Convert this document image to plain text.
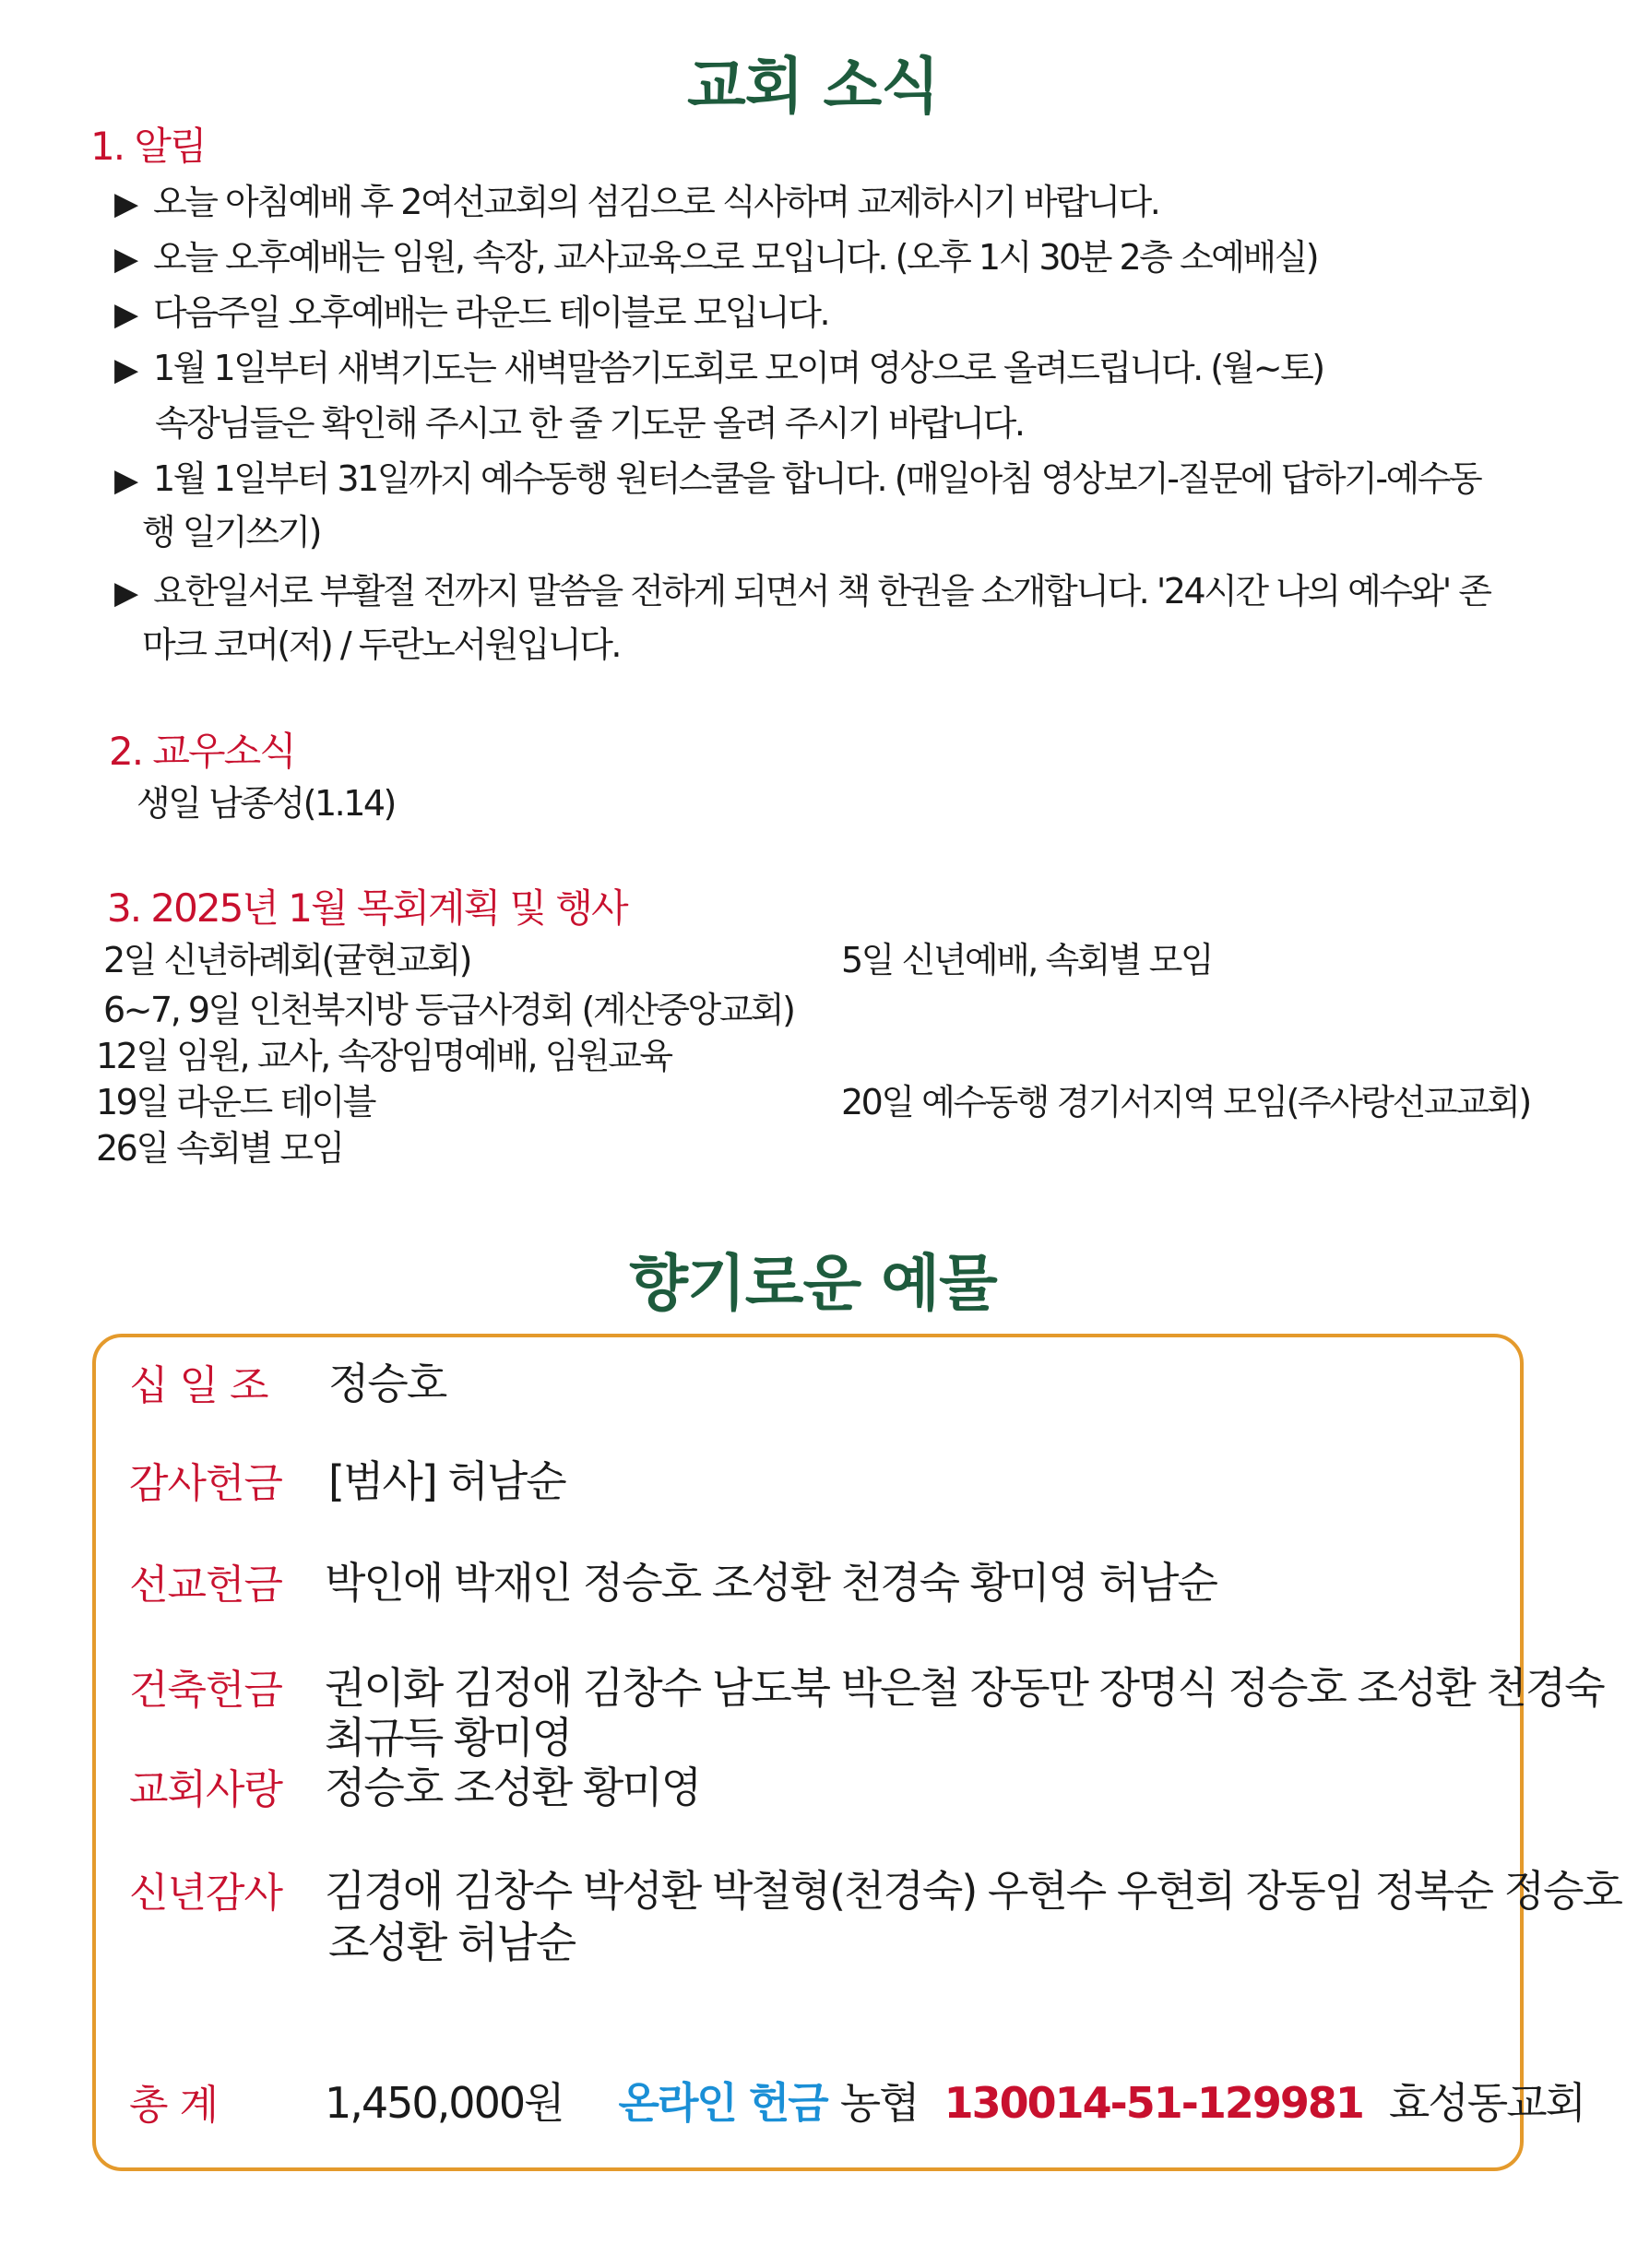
교회 소식
1. 알림
▶ 오늘 아침예배 후 2여선교회의 섬김으로 식사하며 교제하시기 바랍니다.
▶ 오늘 오후예배는 임원, 속장, 교사교육으로 모입니다. (오후 1시 30분 2층 소예배실)
▶ 다음주일 오후예배는 라운드 테이블로 모입니다.
▶ 1월 1일부터 새벽기도는 새벽말씀기도회로 모이며 영상으로 올려드립니다. (월~토)
속장님들은 확인해 주시고 한 줄 기도문 올려 주시기 바랍니다.
▶ 1월 1일부터 31일까지 예수동행 원터스쿨을 합니다. (매일아침 영상보기-질문에 답하기-예수동
행 일기쓰기)
▶ 요한일서로 부활절 전까지 말씀을 전하게 되면서 책 한권을 소개합니다. '24시간 나의 예수와' 존
마크 코머(저) / 두란노서원입니다.
2. 교우소식
생일 남종성(1.14)
3. 2025년 1월 목회계획 및 행사
2일 신년하례회(귤현교회)	5일 신년예배, 속회별 모임
6~7, 9일 인천북지방 등급사경회 (계산중앙교회)
12일 임원, 교사, 속장임명예배, 임원교육
19일 라운드 테이블	20일 예수동행 경기서지역 모임(주사랑선교교회)
26일 속회별 모임
향기로운 예물
십 일 조 정승호
감사헌금 [범사] 허남순
선교헌금 박인애 박재인 정승호 조성환 천경숙 황미영 허남순
건축헌금 권이화 김정애 김창수 남도북 박은철 장동만 장명식 정승호 조성환 천경숙
최규득 황미영
교회사랑 정승호 조성환 황미영
신년감사 김경애 김창수 박성환 박철형(천경숙) 우현수 우현희 장동임 정복순 정승호
조성환 허남순
총 계	1,450,000원 온라인 헌금 농협 130014-51-129981 효성동교회
